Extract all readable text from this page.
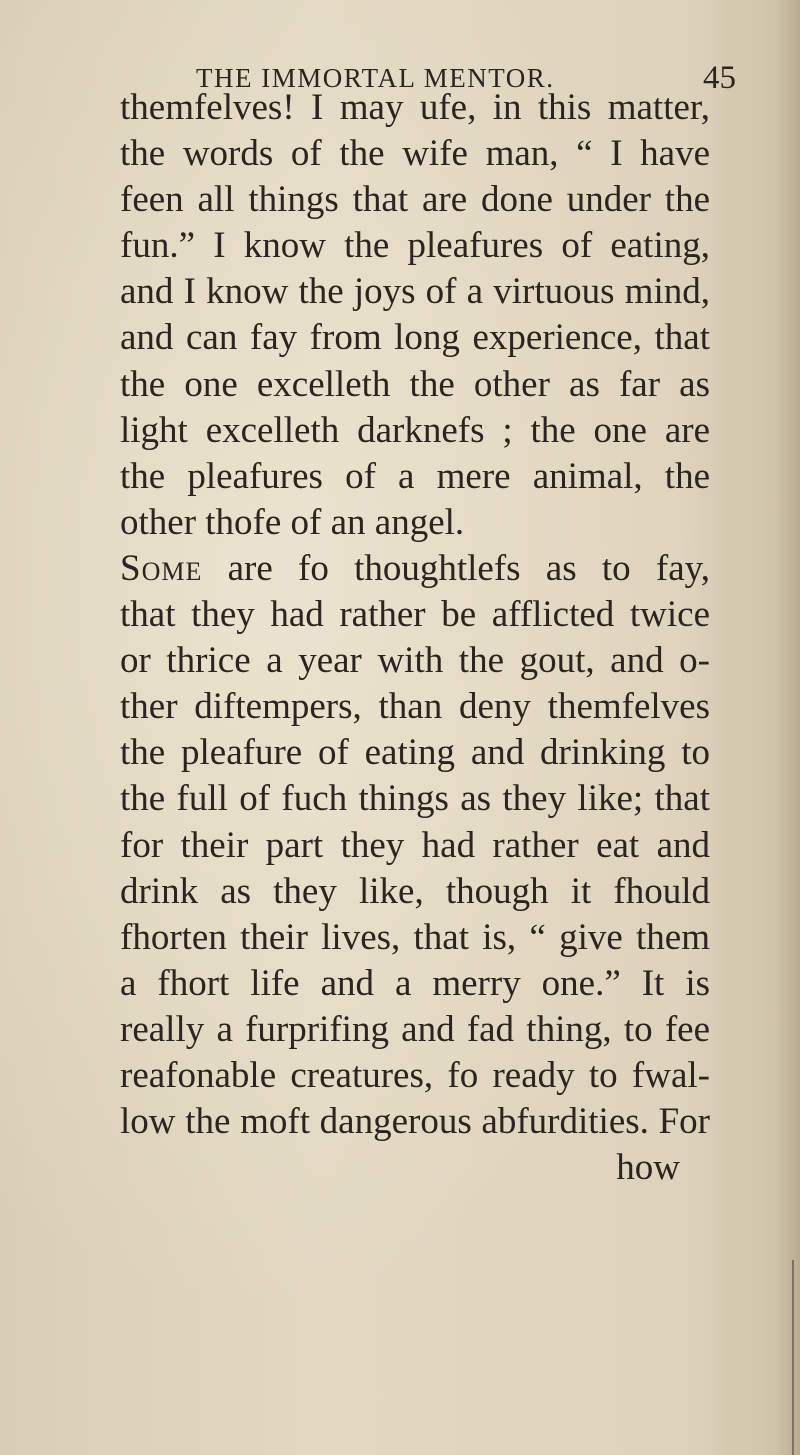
THE IMMORTAL MENTOR.	45
themfelves! I may ufe, in this matter,
the words of the wife man, “ I have
feen all things that are done under the
fun.” I know the pleafures of eating,
and I know the joys of a virtuous mind,
and can fay from long experience, that
the one excelleth the other as far as
light excelleth darknefs ; the one are
the pleafures of a mere animal, the
other thofe of an angel.
Some are fo thoughtlefs as to fay,
that they had rather be afflicted twice
or thrice a year with the gout, and o-
ther diftempers, than deny themfelves
the pleafure of eating and drinking to
the full of fuch things as they like; that
for their part they had rather eat and
drink as they like, though it fhould
fhorten their lives, that is, “ give them
a fhort life and a merry one.” It is
really a furprifing and fad thing, to fee
reafonable creatures, fo ready to fwal-
low the moft dangerous abfurdities. For
how
